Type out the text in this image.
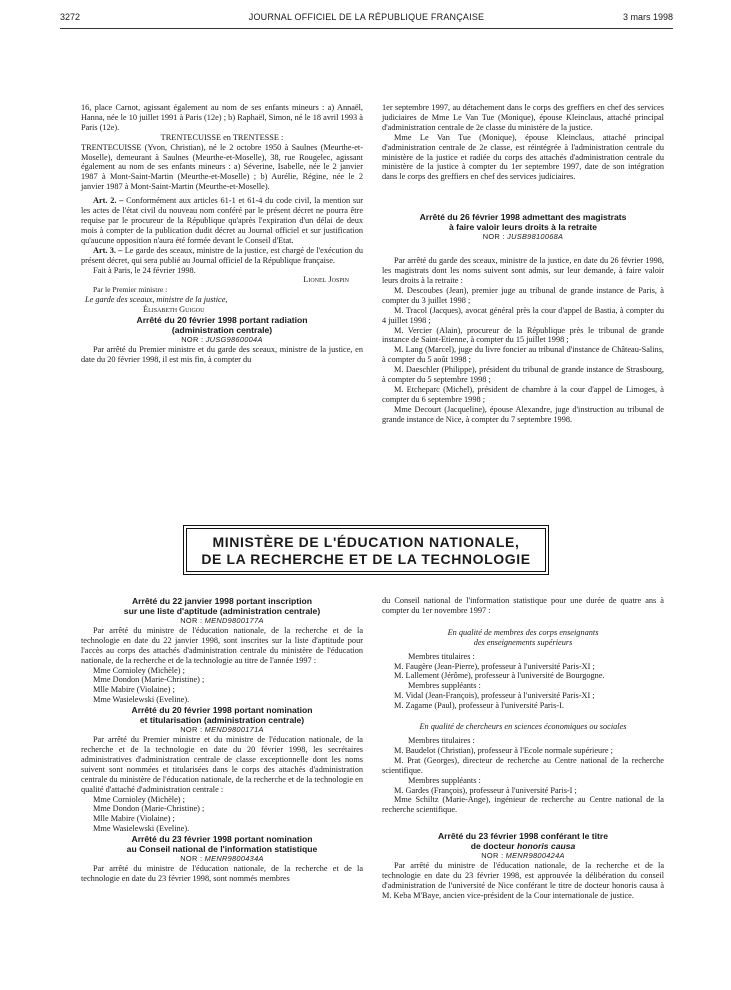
3272	JOURNAL OFFICIEL DE LA RÉPUBLIQUE FRANÇAISE	3 mars 1998

16, place Carnot, agissant également au nom de ses enfants mineurs : a) Annaël, Hanna, née le 10 juillet 1991 à Paris (12e) ; b) Raphaël, Simon, né le 18 avril 1993 à Paris (12e).

TRENTECUISSE en TRENTESSE :

TRENTECUISSE (Yvon, Christian), né le 2 octobre 1950 à Saulnes (Meurthe-et-Moselle), demeurant à Saulnes (Meurthe-et-Moselle), 38, rue Rougelec, agissant également au nom de ses enfants mineurs : a) Séverine, Isabelle, née le 2 janvier 1987 à Mont-Saint-Martin (Meurthe-et-Moselle) ; b) Aurélie, Régine, née le 2 janvier 1987 à Mont-Saint-Martin (Meurthe-et-Moselle).

Art. 2. – Conformément aux articles 61-1 et 61-4 du code civil, la mention sur les actes de l'état civil du nouveau nom conféré par le présent décret ne pourra être requise par le procureur de la République qu'après l'expiration d'un délai de deux mois à compter de la publication dudit décret au Journal officiel et sur justification qu'aucune opposition n'aura été formée devant le Conseil d'Etat.

Art. 3. – Le garde des sceaux, ministre de la justice, est chargé de l'exécution du présent décret, qui sera publié au Journal officiel de la République française.

Fait à Paris, le 24 février 1998.

Lionel Jospin

Par le Premier ministre :

Le garde des sceaux, ministre de la justice,

Élisabeth Guigou

Arrêté du 20 février 1998 portant radiation
(administration centrale)

NOR : JUSG9860004A

Par arrêté du Premier ministre et du garde des sceaux, ministre de la justice, en date du 20 février 1998, il est mis fin, à compter du

1er septembre 1997, au détachement dans le corps des greffiers en chef des services judiciaires de Mme Le Van Tue (Monique), épouse Kleinclaus, attaché principal d'administration centrale de 2e classe du ministère de la justice.

Mme Le Van Tue (Monique), épouse Kleinclaus, attaché principal d'administration centrale de 2e classe, est réintégrée à l'administration centrale du ministère de la justice et radiée du corps des attachés d'administration centrale du ministère de la justice à compter du 1er septembre 1997, date de son intégration dans le corps des greffiers en chef des services judiciaires.

Arrêté du 26 février 1998 admettant des magistrats
à faire valoir leurs droits à la retraite

NOR : JUSB9810068A

Par arrêté du garde des sceaux, ministre de la justice, en date du 26 février 1998, les magistrats dont les noms suivent sont admis, sur leur demande, à faire valoir leurs droits à la retraite :

M. Descoubes (Jean), premier juge au tribunal de grande instance de Paris, à compter du 3 juillet 1998 ;

M. Tracol (Jacques), avocat général près la cour d'appel de Bastia, à compter du 4 juillet 1998 ;

M. Vercier (Alain), procureur de la République près le tribunal de grande instance de Saint-Etienne, à compter du 15 juillet 1998 ;

M. Lang (Marcel), juge du livre foncier au tribunal d'instance de Château-Salins, à compter du 5 août 1998 ;

M. Daeschler (Philippe), président du tribunal de grande instance de Strasbourg, à compter du 5 septembre 1998 ;

M. Etcheparc (Michel), président de chambre à la cour d'appel de Limoges, à compter du 6 septembre 1998 ;

Mme Decourt (Jacqueline), épouse Alexandre, juge d'instruction au tribunal de grande instance de Nice, à compter du 7 septembre 1998.

MINISTÈRE DE L'ÉDUCATION NATIONALE,
DE LA RECHERCHE ET DE LA TECHNOLOGIE

Arrêté du 22 janvier 1998 portant inscription
sur une liste d'aptitude (administration centrale)

NOR : MEND9800177A

Par arrêté du ministre de l'éducation nationale, de la recherche et de la technologie en date du 22 janvier 1998, sont inscrites sur la liste d'aptitude pour l'accès au corps des attachés d'administration centrale du ministère de l'éducation nationale, de la recherche et de la technologie au titre de l'année 1997 :

Mme Cornioley (Michèle) ;

Mme Dondon (Marie-Christine) ;

Mlle Mabire (Violaine) ;

Mme Wasielewski (Eveline).

Arrêté du 20 février 1998 portant nomination
et titularisation (administration centrale)

NOR : MEND9800171A

Par arrêté du Premier ministre et du ministre de l'éducation nationale, de la recherche et de la technologie en date du 20 février 1998, les secrétaires administratives d'administration centrale de classe exceptionnelle dont les noms suivent sont nommées et titularisées dans le corps des attachés d'administration centrale du ministère de l'éducation nationale, de la recherche et de la technologie en qualité d'attaché d'administration centrale :

Mme Cornioley (Michèle) ;

Mme Dondon (Marie-Christine) ;

Mlle Mabire (Violaine) ;

Mme Wasielewski (Eveline).

Arrêté du 23 février 1998 portant nomination
au Conseil national de l'information statistique

NOR : MENR9800434A

Par arrêté du ministre de l'éducation nationale, de la recherche et de la technologie en date du 23 février 1998, sont nommés membres

du Conseil national de l'information statistique pour une durée de quatre ans à compter du 1er novembre 1997 :

En qualité de membres des corps enseignants
des enseignements supérieurs

Membres titulaires :

M. Faugère (Jean-Pierre), professeur à l'université Paris-XI ;

M. Lallement (Jérôme), professeur à l'université de Bourgogne.

Membres suppléants :

M. Vidal (Jean-François), professeur à l'université Paris-XI ;

M. Zagame (Paul), professeur à l'université Paris-I.

En qualité de chercheurs en sciences économiques ou sociales

Membres titulaires :

M. Baudelot (Christian), professeur à l'Ecole normale supérieure ;

M. Prat (Georges), directeur de recherche au Centre national de la recherche scientifique.

Membres suppléants :

M. Gardes (François), professeur à l'université Paris-I ;

Mme Schiltz (Marie-Ange), ingénieur de recherche au Centre national de la recherche scientifique.

Arrêté du 23 février 1998 conférant le titre
de docteur honoris causa

NOR : MENR9800424A

Par arrêté du ministre de l'éducation nationale, de la recherche et de la technologie en date du 23 février 1998, est approuvée la délibération du conseil d'administration de l'université de Nice conférant le titre de docteur honoris causa à M. Keba M'Baye, ancien vice-président de la Cour internationale de justice.
